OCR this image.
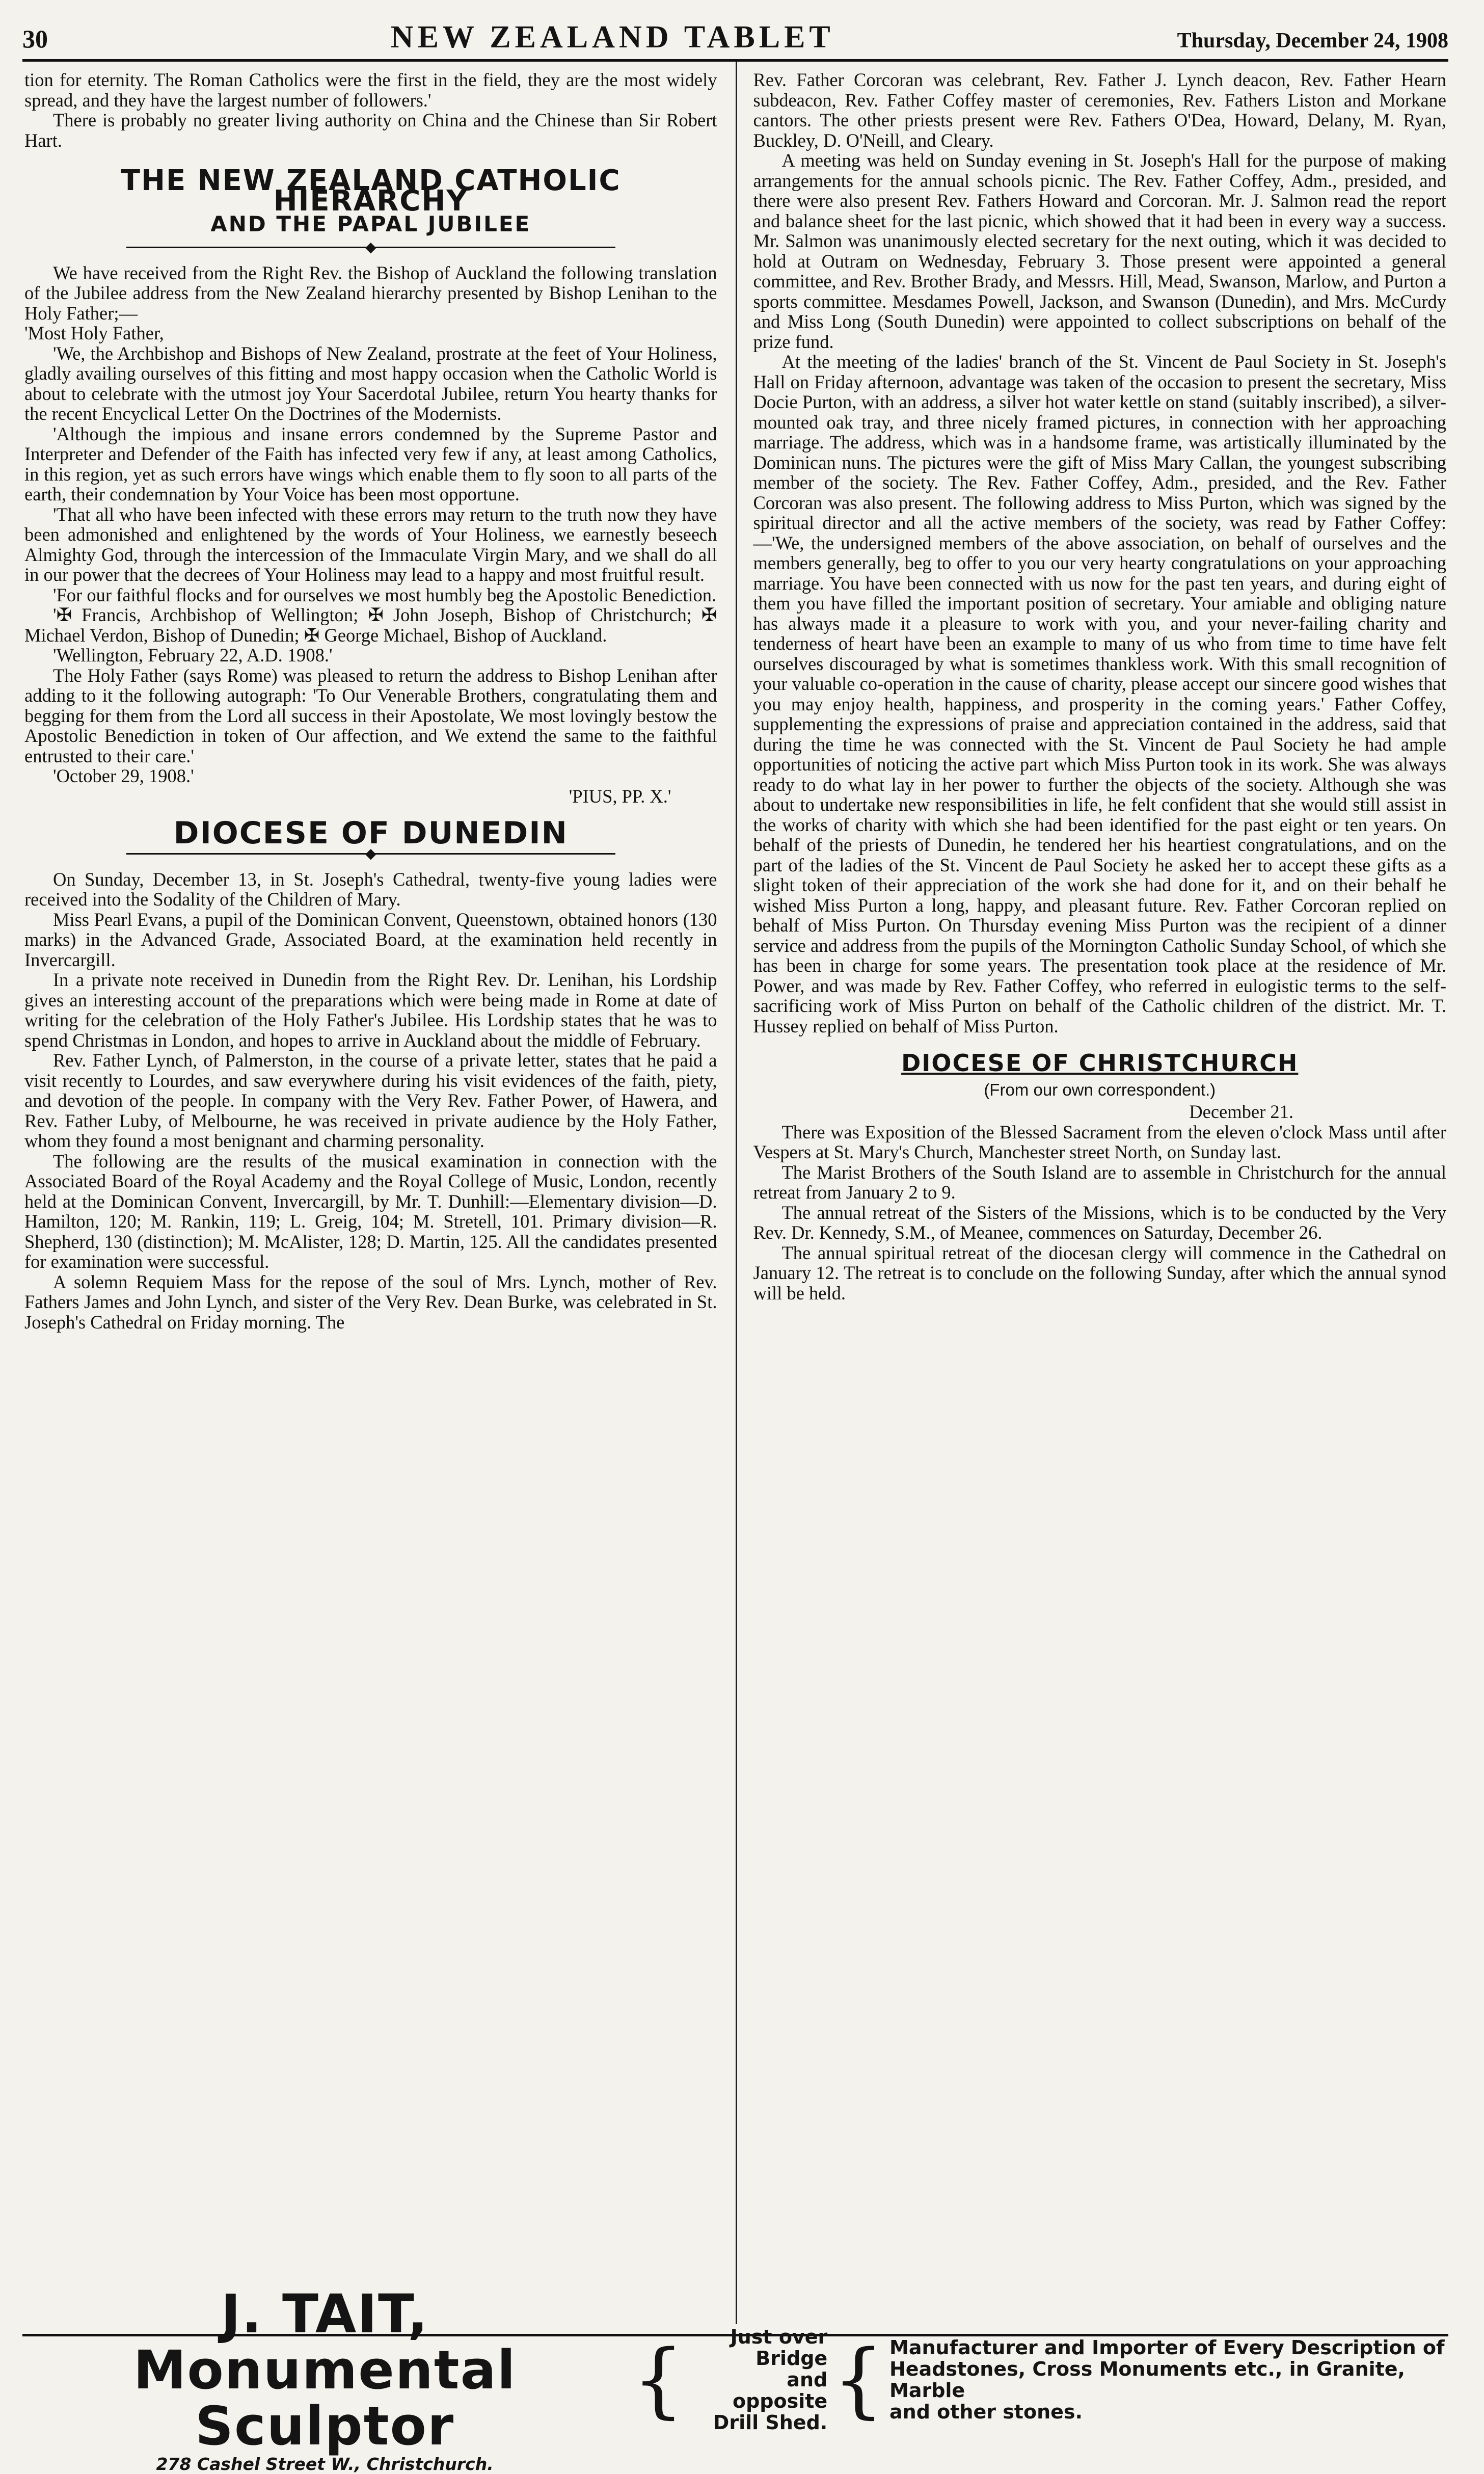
30	NEW ZEALAND TABLET	Thursday, December 24, 1908

tion for eternity. The Roman Catholics were the first in the field, they are the most widely spread, and they have the largest number of followers.'

There is probably no greater living authority on China and the Chinese than Sir Robert Hart.

THE NEW ZEALAND CATHOLIC HIERARCHY
AND THE PAPAL JUBILEE
◆

We have received from the Right Rev. the Bishop of Auckland the following translation of the Jubilee address from the New Zealand hierarchy presented by Bishop Lenihan to the Holy Father;—

'Most Holy Father,

'We, the Archbishop and Bishops of New Zealand, prostrate at the feet of Your Holiness, gladly availing ourselves of this fitting and most happy occasion when the Catholic World is about to celebrate with the utmost joy Your Sacerdotal Jubilee, return You hearty thanks for the recent Encyclical Letter On the Doctrines of the Modernists.

'Although the impious and insane errors condemned by the Supreme Pastor and Interpreter and Defender of the Faith has infected very few if any, at least among Catholics, in this region, yet as such errors have wings which enable them to fly soon to all parts of the earth, their condemnation by Your Voice has been most opportune.

'That all who have been infected with these errors may return to the truth now they have been admonished and enlightened by the words of Your Holiness, we earnestly beseech Almighty God, through the intercession of the Immaculate Virgin Mary, and we shall do all in our power that the decrees of Your Holiness may lead to a happy and most fruitful result.

'For our faithful flocks and for ourselves we most humbly beg the Apostolic Benediction.

'✠ Francis, Archbishop of Wellington; ✠ John Joseph, Bishop of Christchurch; ✠ Michael Verdon, Bishop of Dunedin; ✠ George Michael, Bishop of Auckland.

'Wellington, February 22, A.D. 1908.'

The Holy Father (says Rome) was pleased to return the address to Bishop Lenihan after adding to it the following autograph: 'To Our Venerable Brothers, congratulating them and begging for them from the Lord all success in their Apostolate, We most lovingly bestow the Apostolic Benediction in token of Our affection, and We extend the same to the faithful entrusted to their care.'

'October 29, 1908.'

'PIUS, PP. X.'

DIOCESE OF DUNEDIN
◆

On Sunday, December 13, in St. Joseph's Cathedral, twenty-five young ladies were received into the Sodality of the Children of Mary.

Miss Pearl Evans, a pupil of the Dominican Convent, Queenstown, obtained honors (130 marks) in the Advanced Grade, Associated Board, at the examination held recently in Invercargill.

In a private note received in Dunedin from the Right Rev. Dr. Lenihan, his Lordship gives an interesting account of the preparations which were being made in Rome at date of writing for the celebration of the Holy Father's Jubilee. His Lordship states that he was to spend Christmas in London, and hopes to arrive in Auckland about the middle of February.

Rev. Father Lynch, of Palmerston, in the course of a private letter, states that he paid a visit recently to Lourdes, and saw everywhere during his visit evidences of the faith, piety, and devotion of the people. In company with the Very Rev. Father Power, of Hawera, and Rev. Father Luby, of Melbourne, he was received in private audience by the Holy Father, whom they found a most benignant and charming personality.

The following are the results of the musical examination in connection with the Associated Board of the Royal Academy and the Royal College of Music, London, recently held at the Dominican Convent, Invercargill, by Mr. T. Dunhill:—Elementary division—D. Hamilton, 120; M. Rankin, 119; L. Greig, 104; M. Stretell, 101. Primary division—R. Shepherd, 130 (distinction); M. McAlister, 128; D. Martin, 125. All the candidates presented for examination were successful.

A solemn Requiem Mass for the repose of the soul of Mrs. Lynch, mother of Rev. Fathers James and John Lynch, and sister of the Very Rev. Dean Burke, was celebrated in St. Joseph's Cathedral on Friday morning. The

Rev. Father Corcoran was celebrant, Rev. Father J. Lynch deacon, Rev. Father Hearn subdeacon, Rev. Father Coffey master of ceremonies, Rev. Fathers Liston and Morkane cantors. The other priests present were Rev. Fathers O'Dea, Howard, Delany, M. Ryan, Buckley, D. O'Neill, and Cleary.

A meeting was held on Sunday evening in St. Joseph's Hall for the purpose of making arrangements for the annual schools picnic. The Rev. Father Coffey, Adm., presided, and there were also present Rev. Fathers Howard and Corcoran. Mr. J. Salmon read the report and balance sheet for the last picnic, which showed that it had been in every way a success. Mr. Salmon was unanimously elected secretary for the next outing, which it was decided to hold at Outram on Wednesday, February 3. Those present were appointed a general committee, and Rev. Brother Brady, and Messrs. Hill, Mead, Swanson, Marlow, and Purton a sports committee. Mesdames Powell, Jackson, and Swanson (Dunedin), and Mrs. McCurdy and Miss Long (South Dunedin) were appointed to collect subscriptions on behalf of the prize fund.

At the meeting of the ladies' branch of the St. Vincent de Paul Society in St. Joseph's Hall on Friday afternoon, advantage was taken of the occasion to present the secretary, Miss Docie Purton, with an address, a silver hot water kettle on stand (suitably inscribed), a silver-mounted oak tray, and three nicely framed pictures, in connection with her approaching marriage. The address, which was in a handsome frame, was artistically illuminated by the Dominican nuns. The pictures were the gift of Miss Mary Callan, the youngest subscribing member of the society. The Rev. Father Coffey, Adm., presided, and the Rev. Father Corcoran was also present. The following address to Miss Purton, which was signed by the spiritual director and all the active members of the society, was read by Father Coffey:—'We, the undersigned members of the above association, on behalf of ourselves and the members generally, beg to offer to you our very hearty congratulations on your approaching marriage. You have been connected with us now for the past ten years, and during eight of them you have filled the important position of secretary. Your amiable and obliging nature has always made it a pleasure to work with you, and your never-failing charity and tenderness of heart have been an example to many of us who from time to time have felt ourselves discouraged by what is sometimes thankless work. With this small recognition of your valuable co-operation in the cause of charity, please accept our sincere good wishes that you may enjoy health, happiness, and prosperity in the coming years.' Father Coffey, supplementing the expressions of praise and appreciation contained in the address, said that during the time he was connected with the St. Vincent de Paul Society he had ample opportunities of noticing the active part which Miss Purton took in its work. She was always ready to do what lay in her power to further the objects of the society. Although she was about to undertake new responsibilities in life, he felt confident that she would still assist in the works of charity with which she had been identified for the past eight or ten years. On behalf of the priests of Dunedin, he tendered her his heartiest congratulations, and on the part of the ladies of the St. Vincent de Paul Society he asked her to accept these gifts as a slight token of their appreciation of the work she had done for it, and on their behalf he wished Miss Purton a long, happy, and pleasant future. Rev. Father Corcoran replied on behalf of Miss Purton. On Thursday evening Miss Purton was the recipient of a dinner service and address from the pupils of the Mornington Catholic Sunday School, of which she has been in charge for some years. The presentation took place at the residence of Mr. Power, and was made by Rev. Father Coffey, who referred in eulogistic terms to the self-sacrificing work of Miss Purton on behalf of the Catholic children of the district. Mr. T. Hussey replied on behalf of Miss Purton.

DIOCESE OF CHRISTCHURCH
(From our own correspondent.)

December 21.

There was Exposition of the Blessed Sacrament from the eleven o'clock Mass until after Vespers at St. Mary's Church, Manchester street North, on Sunday last.

The Marist Brothers of the South Island are to assemble in Christchurch for the annual retreat from January 2 to 9.

The annual retreat of the Sisters of the Missions, which is to be conducted by the Very Rev. Dr. Kennedy, S.M., of Meanee, commences on Saturday, December 26.

The annual spiritual retreat of the diocesan clergy will commence in the Cathedral on January 12. The retreat is to conclude on the following Sunday, after which the annual synod will be held.

J. TAIT, Monumental Sculptor
278 Cashel Street W., Christchurch.
{	Just over Bridge
and opposite
Drill Shed. { Manufacturer and Importer of Every Description of
Headstones, Cross Monuments etc., in Granite, Marble
and other stones.
